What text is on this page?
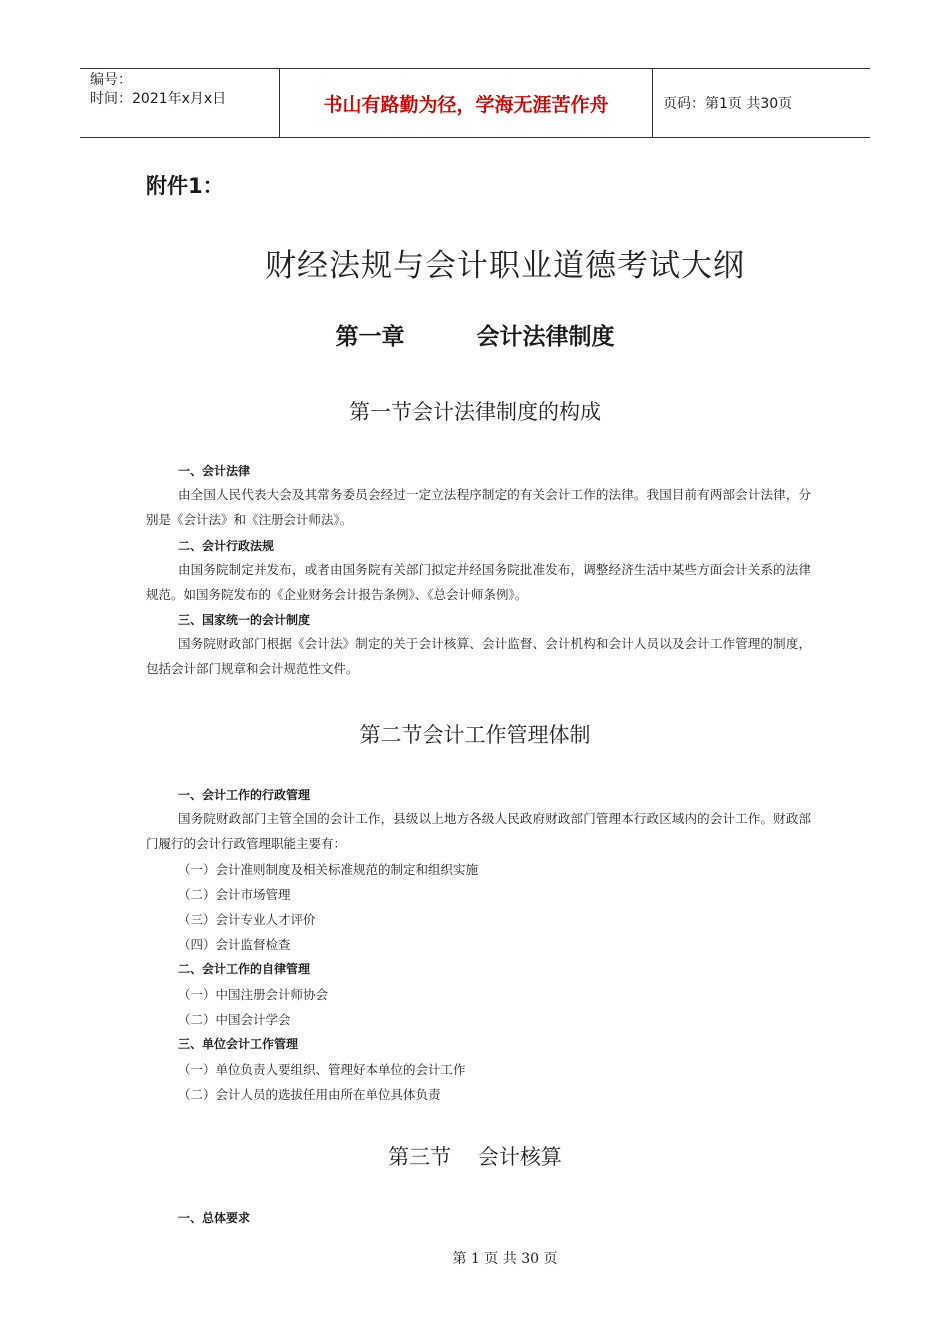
编号：
时间：2021年x月x日	书山有路勤为径，学海无涯苦作舟	页码：第1页 共30页
附件1：
财经法规与会计职业道德考试大纲
第一章         会计法律制度
第一节会计法律制度的构成
一、会计法律
由全国人民代表大会及其常务委员会经过一定立法程序制定的有关会计工作的法律。我国目前有两部会计法律，分别是《会计法》和《注册会计师法》。
二、会计行政法规
由国务院制定并发布，或者由国务院有关部门拟定并经国务院批准发布，调整经济生活中某些方面会计关系的法律规范。如国务院发布的《企业财务会计报告条例》、《总会计师条例》。
三、国家统一的会计制度
国务院财政部门根据《会计法》制定的关于会计核算、会计监督、会计机构和会计人员以及会计工作管理的制度，包括会计部门规章和会计规范性文件。
第二节会计工作管理体制
一、会计工作的行政管理
国务院财政部门主管全国的会计工作，县级以上地方各级人民政府财政部门管理本行政区域内的会计工作。财政部门履行的会计行政管理职能主要有：
（一）会计准则制度及相关标准规范的制定和组织实施
（二）会计市场管理
（三）会计专业人才评价
（四）会计监督检查
二、会计工作的自律管理
（一）中国注册会计师协会
（二）中国会计学会
三、单位会计工作管理
（一）单位负责人要组织、管理好本单位的会计工作
（二）会计人员的选拔任用由所在单位具体负责
第三节    会计核算
一、总体要求
第 1 页 共 30 页
